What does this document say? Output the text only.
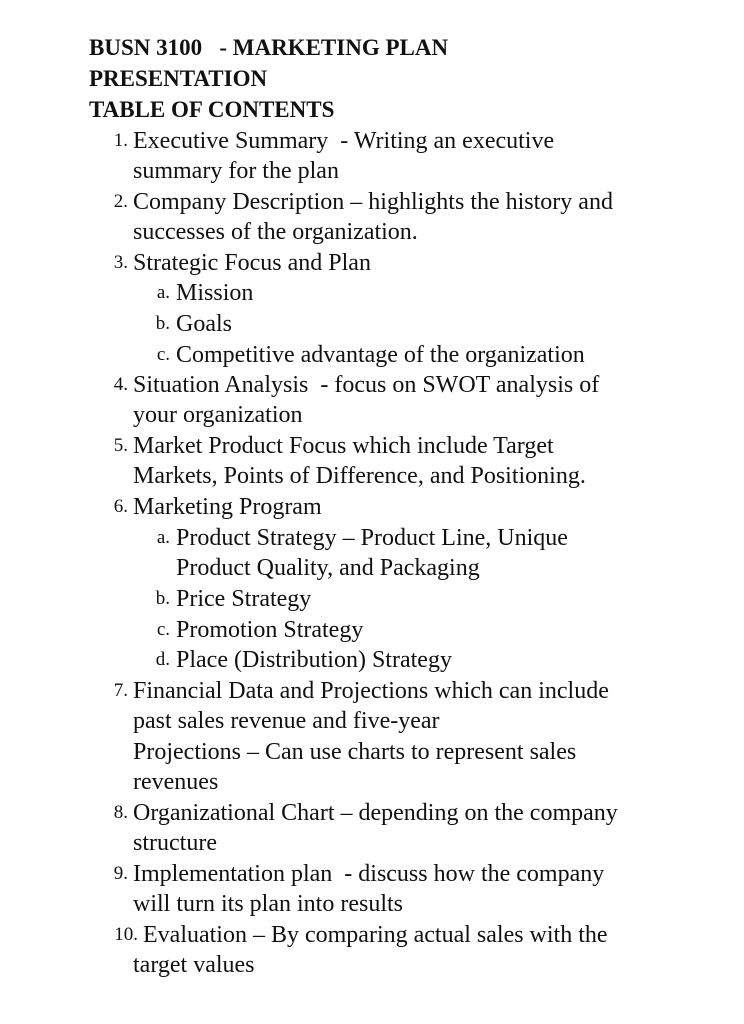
BUSN 3100   - MARKETING PLAN
PRESENTATION
TABLE OF CONTENTS
1. Executive Summary  - Writing an executive
summary for the plan
2. Company Description – highlights the history and
successes of the organization.
3. Strategic Focus and Plan
a. Mission
b. Goals
c. Competitive advantage of the organization
4. Situation Analysis  - focus on SWOT analysis of
your organization
5. Market Product Focus which include Target
Markets, Points of Difference, and Positioning.
6. Marketing Program
a. Product Strategy – Product Line, Unique
Product Quality, and Packaging
b. Price Strategy
c. Promotion Strategy
d. Place (Distribution) Strategy
7. Financial Data and Projections which can include
past sales revenue and five-year
Projections – Can use charts to represent sales
revenues
8. Organizational Chart – depending on the company
structure
9. Implementation plan  - discuss how the company
will turn its plan into results
10. Evaluation – By comparing actual sales with the
target values
